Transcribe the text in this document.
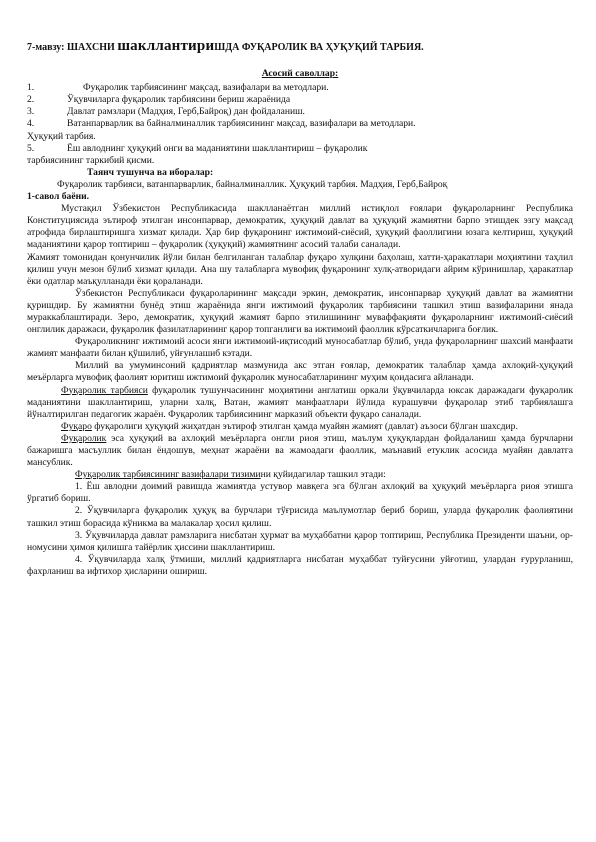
7-мавзу: ШАХСНИ шакллантириШДА ФУҚАРОЛИК ВА ҲУҚУҚИЙ ТАРБИЯ.
Асосий саволлар:
1.	Фуқаролик тарбиясининг мақсад, вазифалари ва методлари.
2.	Ўқувчиларга фуқаролик тарбиясини бериш жараёнида
3.	Давлат рамзлари (Мадҳия, Герб,Байроқ) дан фойдаланиш.
4.	Ватанпарварлик ва байналминаллик тарбиясининг мақсад, вазифалари ва методлари.
Ҳуқуқий тарбия.
5.	Ёш авлоднинг ҳуқуқий онги ва маданиятини шакллантириш – фуқаролик
тарбиясининг таркибий қисми.
Таянч тушунча ва иборалар:
Фуқаролик тарбияси, ватанпарварлик, байналминаллик. Ҳуқуқий тарбия. Мадҳия, Герб,Байроқ
1-савол баёни.

Мустақил Ўзбекистон Республикасида шаклланаётган миллий истиқлол ғоялари фуқароларнинг Республика Конституциясида эътироф этилган инсонпарвар, демократик, ҳуқуқий давлат ва ҳуқуқий жамиятни барпо этишдек эзгу мақсад атрофида бирлаштиришга хизмат қилади. Ҳар бир фуқаронинг ижтимоий-сиёсий, ҳуқуқий фаоллигини юзага келтириш, ҳуқуқий маданиятини қарор топтириш – фуқаролик (ҳуқуқий) жамиятнинг асосий талаби саналади.

Жамият томонидан қонунчилик йўли билан белгиланган талаблар фуқаро хулқини баҳолаш, хатти-ҳаракатлари моҳиятини таҳлил қилиш учун мезон бўлиб хизмат қилади. Ана шу талабларга мувофиқ фуқаронинг хулқ-атворидаги айрим кўринишлар, ҳаракатлар ёки одатлар маъқулланади ёки қораланади.

Ўзбекистон Республикаси фуқароларининг мақсади эркин, демократик, инсонпарвар ҳуқуқий давлат ва жамиятни қуришдир. Бу жамиятни бунёд этиш жараёнида янги ижтимоий фуқаролик тарбиясини ташкил этиш вазифаларини янада мураккаблаштиради. Зеро, демократик, ҳуқуқий жамият барпо этилишининг муваффақияти фуқароларнинг ижтимоий-сиёсий онглилик даражаси, фуқаролик фазилатларининг қарор топганлиги ва ижтимоий фаоллик кўрсаткичларига боғлик.

Фуқароликнинг ижтимоий асоси янги ижтимоий-иқтисодий муносабатлар бўлиб, унда фуқароларнинг шахсий манфаати жамият манфаати билан қўшилиб, уйғунлашиб кэтади.

Миллий ва умуминсоний қадриятлар мазмунида акс этган ғоялар, демократик талаблар ҳамда ахлоқий-ҳуқуқий меъёрларга мувофиқ фаолият юритиш ижтимоий фуқаролик муносабатларининг муҳим қоидасига айланади.

Фуқаролик тарбияси фуқаролик тушунчасининг моҳиятини англатиш оркали ўқувчиларда юксак даражадаги фуқаролик маданиятини шакллантириш, уларни халқ, Ватан, жамият манфаатлари йўлида курашувчи фуқаролар этиб тарбиялашга йўналтирилган педагогик жараён. Фуқаролик тарбиясининг марказий объекти фуқаро саналади.

Фуқаро фуқаролиги ҳуқуқий жиҳатдан эътироф этилган ҳамда муайян жамият (давлат) аъзоси бўлган шахсдир.

Фуқаролик эса ҳуқуқий ва ахлоқий меъёрларга онгли риоя этиш, маълум ҳуқуқлардан фойдаланиш ҳамда бурчларни бажаришга масъуллик билан ёндошув, меҳнат жараёни ва жамоадаги фаоллик, маънавий етуклик асосида муайян давлатга мансублик.

Фуқаролик тарбиясининг вазифалари тизимини қуйидагилар ташкил этади:

1. Ёш авлодни доимий равишда жамиятда устувор мавқега эга бўлган ахлоқий ва ҳуқуқий меъёрларга риоя этишга ўргатиб бориш.

2. Ўқувчиларга фуқаролик ҳуқуқ ва бурчлари тўғрисида маълумотлар бериб бориш, уларда фуқаролик фаолиятини ташкил этиш борасида кўникма ва малакалар ҳосил қилиш.

3. Ўқувчиларда давлат рамзларига нисбатан ҳурмат ва муҳаббатни қарор топтириш, Республика Президенти шаъни, ор-номусини ҳимоя қилишга тайёрлик ҳиссини шакллантириш.

4. Ўқувчиларда халқ ўтмиши, миллий қадриятларга нисбатан муҳаббат туйғусини уйғотиш, улардан ғурурланиш, фахрланиш ва ифтихор ҳисларини ошириш.
